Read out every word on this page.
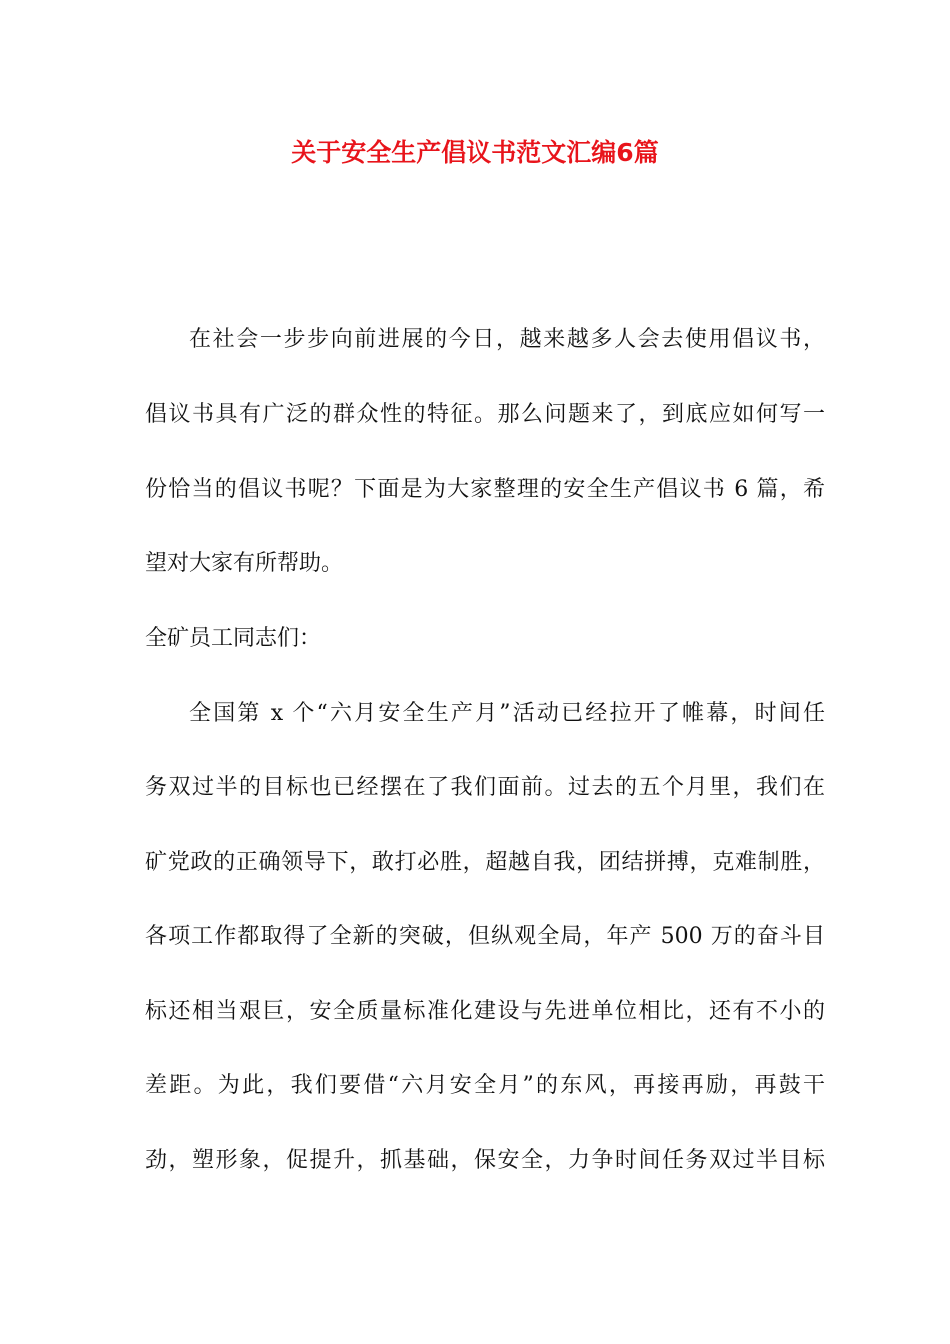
关于安全生产倡议书范文汇编6篇

在社会一步步向前进展的今日，越来越多人会去使用倡议书，

倡议书具有广泛的群众性的特征。那么问题来了，到底应如何写一

份恰当的倡议书呢？下面是为大家整理的安全生产倡议书 6 篇，希

望对大家有所帮助。

全矿员工同志们：

全国第 x 个“六月安全生产月”活动已经拉开了帷幕，时间任

务双过半的目标也已经摆在了我们面前。过去的五个月里，我们在

矿党政的正确领导下，敢打必胜，超越自我，团结拼搏，克难制胜，

各项工作都取得了全新的突破，但纵观全局，年产 500 万的奋斗目

标还相当艰巨，安全质量标准化建设与先进单位相比，还有不小的

差距。为此，我们要借“六月安全月”的东风，再接再励，再鼓干

劲，塑形象，促提升，抓基础，保安全，力争时间任务双过半目标
